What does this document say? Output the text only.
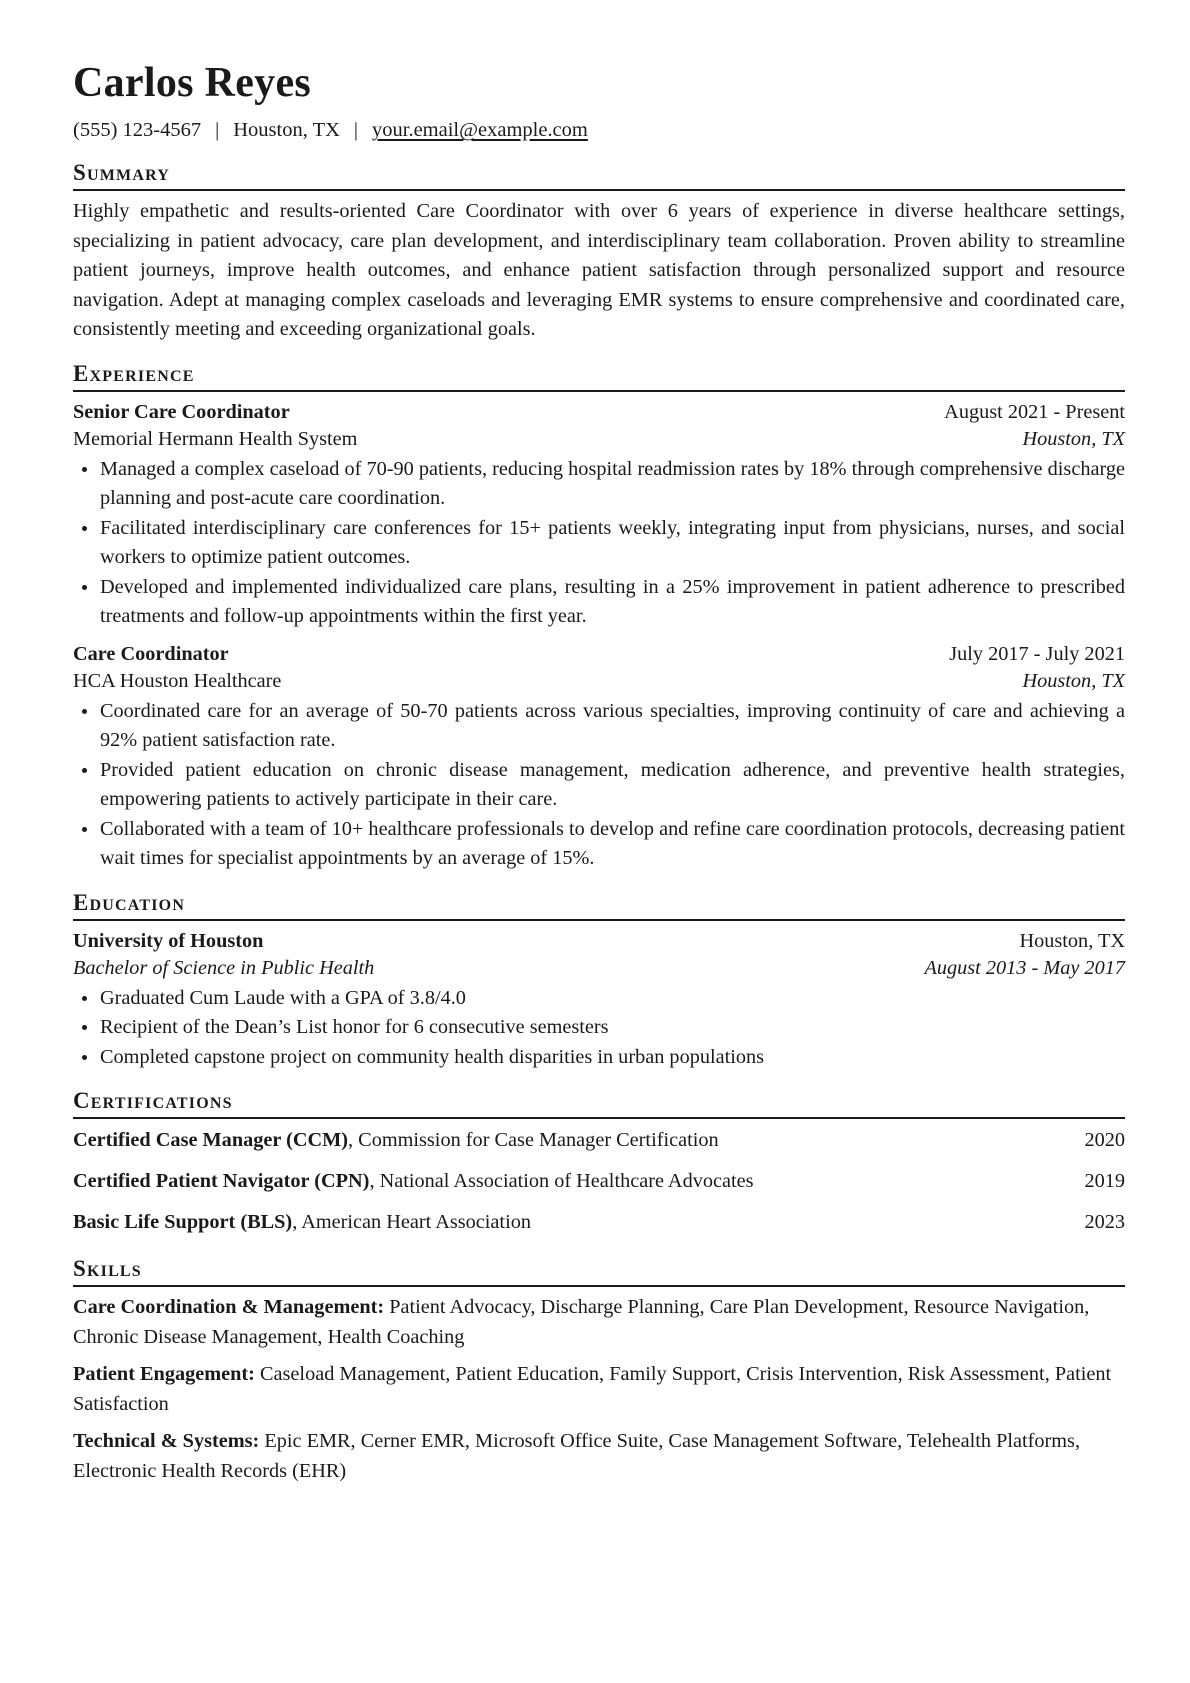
Carlos Reyes
(555) 123-4567 | Houston, TX | your.email@example.com
Summary
Highly empathetic and results-oriented Care Coordinator with over 6 years of experience in diverse healthcare settings, specializing in patient advocacy, care plan development, and interdisciplinary team collaboration. Proven ability to streamline patient journeys, improve health outcomes, and enhance patient satisfaction through personalized support and resource navigation. Adept at managing complex caseloads and leveraging EMR systems to ensure comprehensive and coordinated care, consistently meeting and exceeding organizational goals.
Experience
Senior Care Coordinator	August 2021 - Present
Memorial Hermann Health System	Houston, TX
Managed a complex caseload of 70-90 patients, reducing hospital readmission rates by 18% through comprehensive discharge planning and post-acute care coordination.
Facilitated interdisciplinary care conferences for 15+ patients weekly, integrating input from physicians, nurses, and social workers to optimize patient outcomes.
Developed and implemented individualized care plans, resulting in a 25% improvement in patient adherence to prescribed treatments and follow-up appointments within the first year.
Care Coordinator	July 2017 - July 2021
HCA Houston Healthcare	Houston, TX
Coordinated care for an average of 50-70 patients across various specialties, improving continuity of care and achieving a 92% patient satisfaction rate.
Provided patient education on chronic disease management, medication adherence, and preventive health strategies, empowering patients to actively participate in their care.
Collaborated with a team of 10+ healthcare professionals to develop and refine care coordination protocols, decreasing patient wait times for specialist appointments by an average of 15%.
Education
University of Houston	Houston, TX
Bachelor of Science in Public Health	August 2013 - May 2017
Graduated Cum Laude with a GPA of 3.8/4.0
Recipient of the Dean’s List honor for 6 consecutive semesters
Completed capstone project on community health disparities in urban populations
Certifications
Certified Case Manager (CCM), Commission for Case Manager Certification	2020
Certified Patient Navigator (CPN), National Association of Healthcare Advocates	2019
Basic Life Support (BLS), American Heart Association	2023
Skills
Care Coordination & Management: Patient Advocacy, Discharge Planning, Care Plan Development, Resource Navigation, Chronic Disease Management, Health Coaching
Patient Engagement: Caseload Management, Patient Education, Family Support, Crisis Intervention, Risk Assessment, Patient Satisfaction
Technical & Systems: Epic EMR, Cerner EMR, Microsoft Office Suite, Case Management Software, Telehealth Platforms, Electronic Health Records (EHR)
